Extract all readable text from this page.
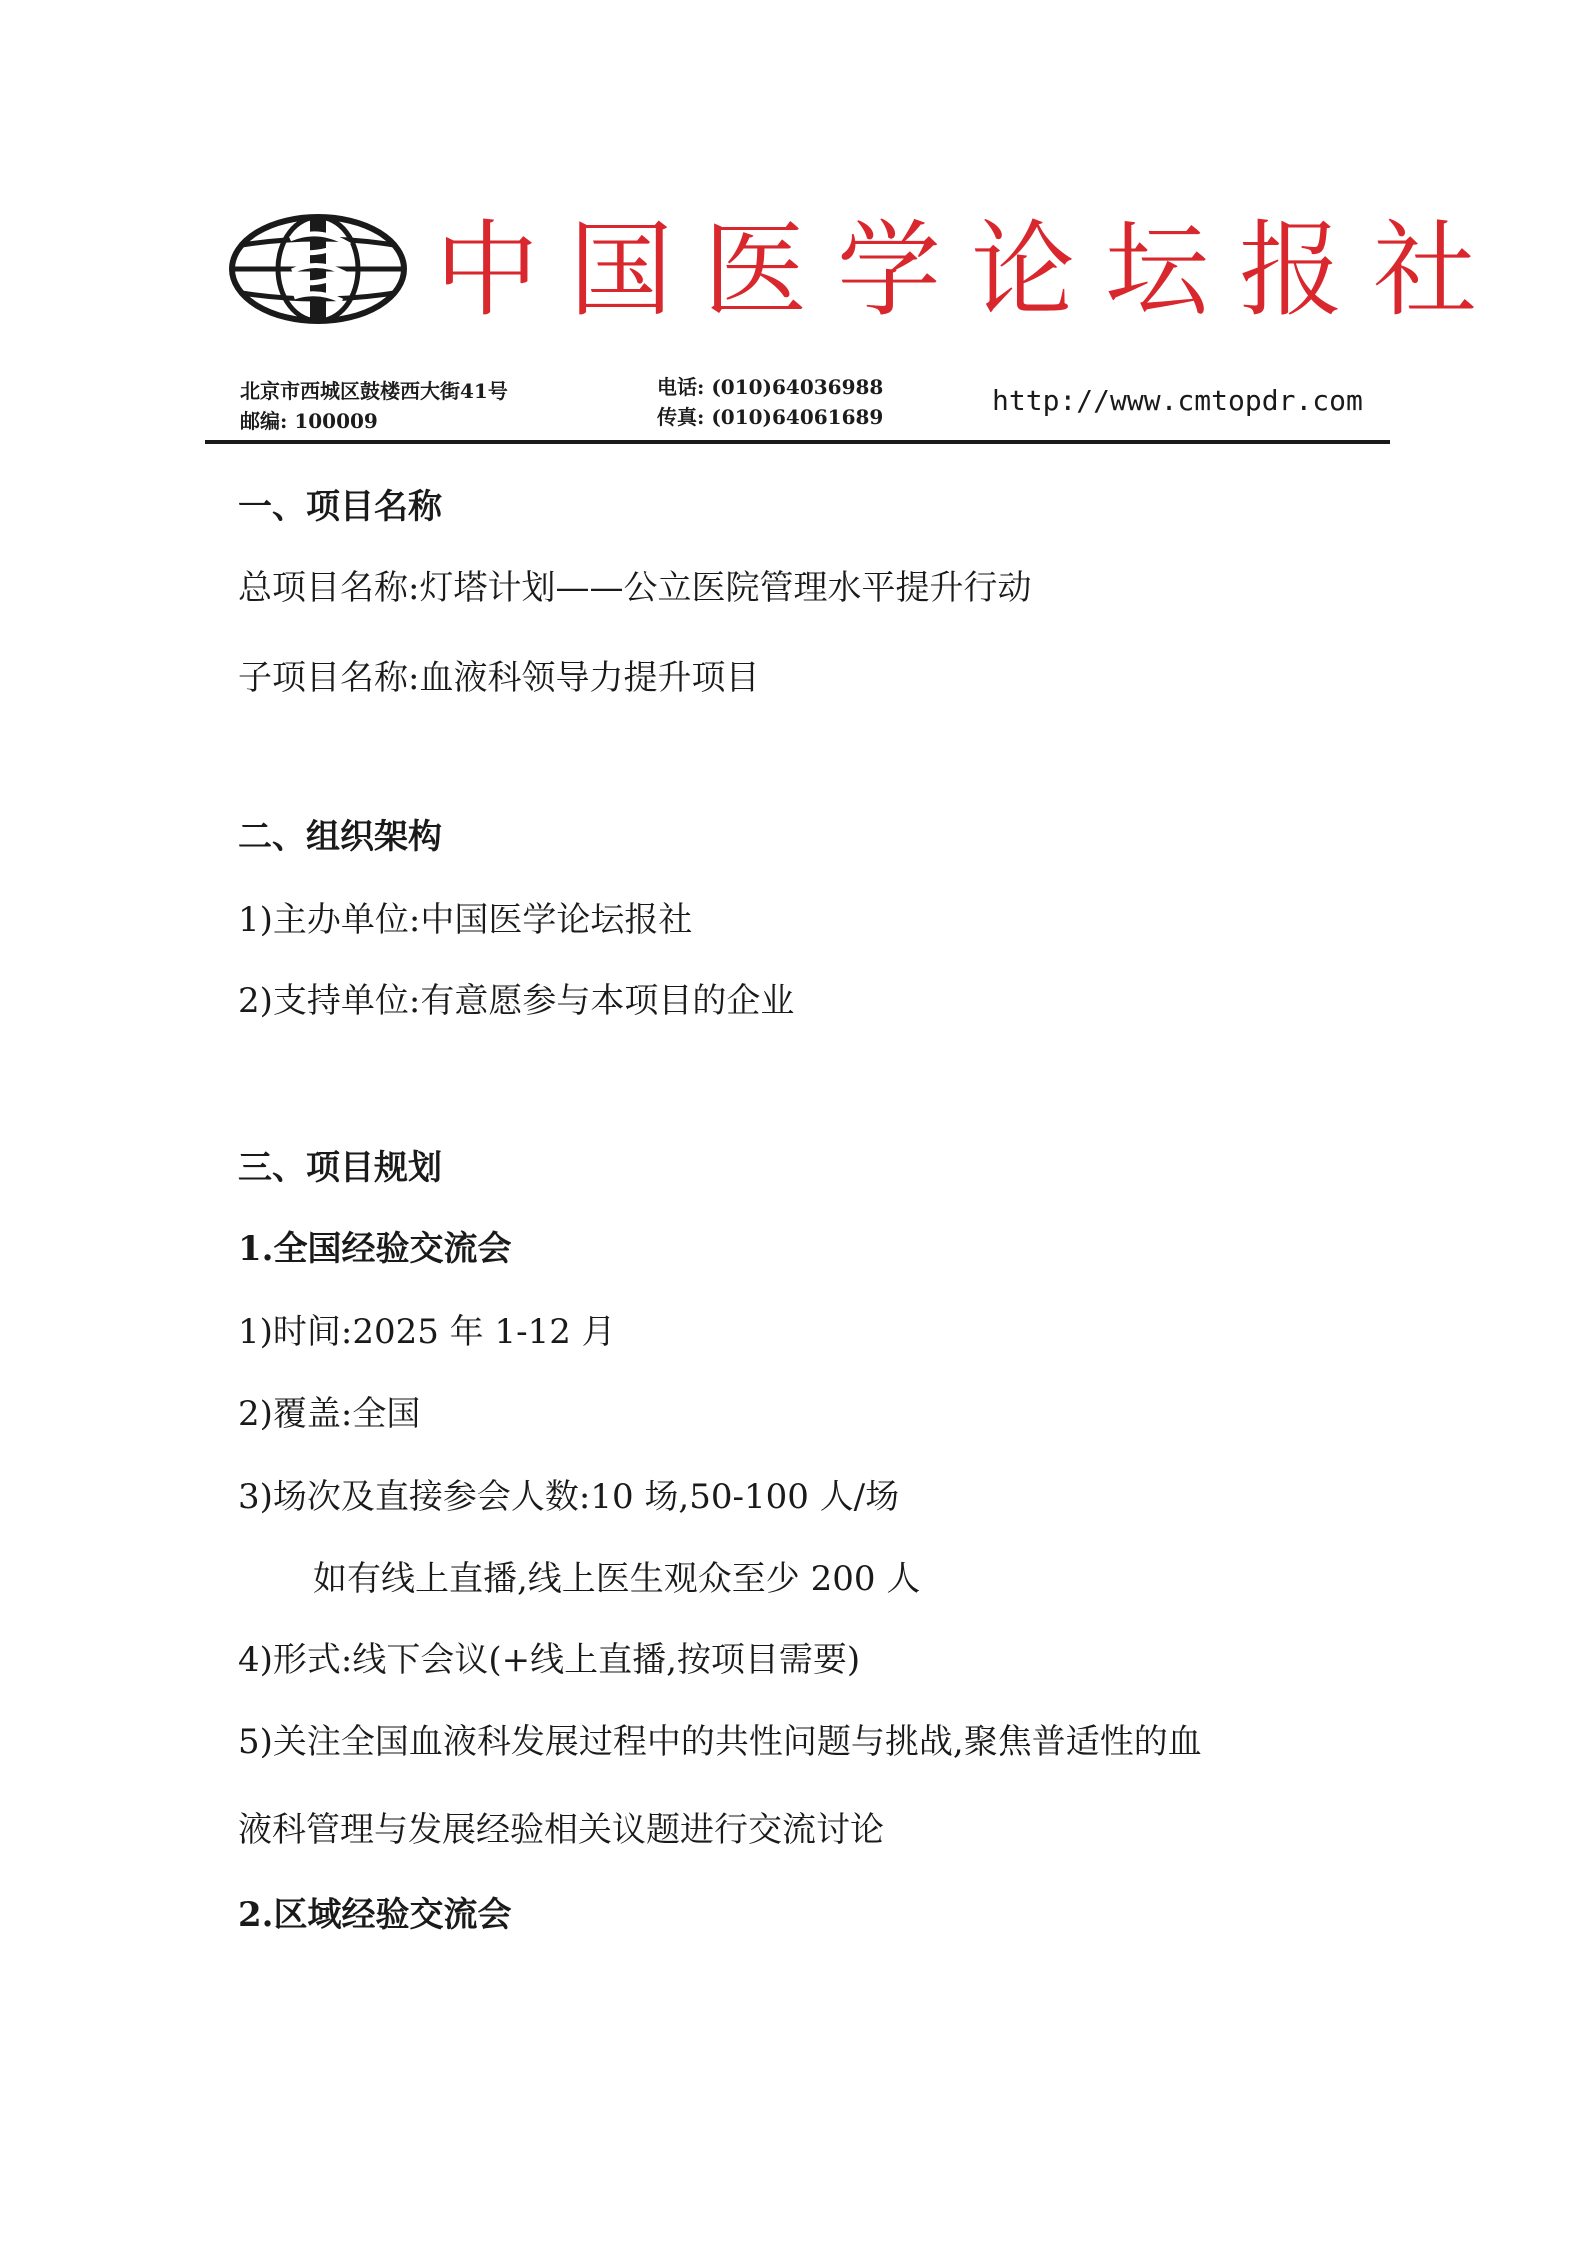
中国医学论坛报社
北京市西城区鼓楼西大街41号
邮编: 100009
电话: (010)64036988
传真: (010)64061689	http://www.cmtopdr.com
一、项目名称
总项目名称:灯塔计划——公立医院管理水平提升行动
子项目名称:血液科领导力提升项目
二、组织架构
1)主办单位:中国医学论坛报社
2)支持单位:有意愿参与本项目的企业
三、项目规划
1.全国经验交流会
1)时间:2025 年 1-12 月
2)覆盖:全国
3)场次及直接参会人数:10 场,50-100 人/场
如有线上直播,线上医生观众至少 200 人
4)形式:线下会议(+线上直播,按项目需要)
5)关注全国血液科发展过程中的共性问题与挑战,聚焦普适性的血
液科管理与发展经验相关议题进行交流讨论
2.区域经验交流会
